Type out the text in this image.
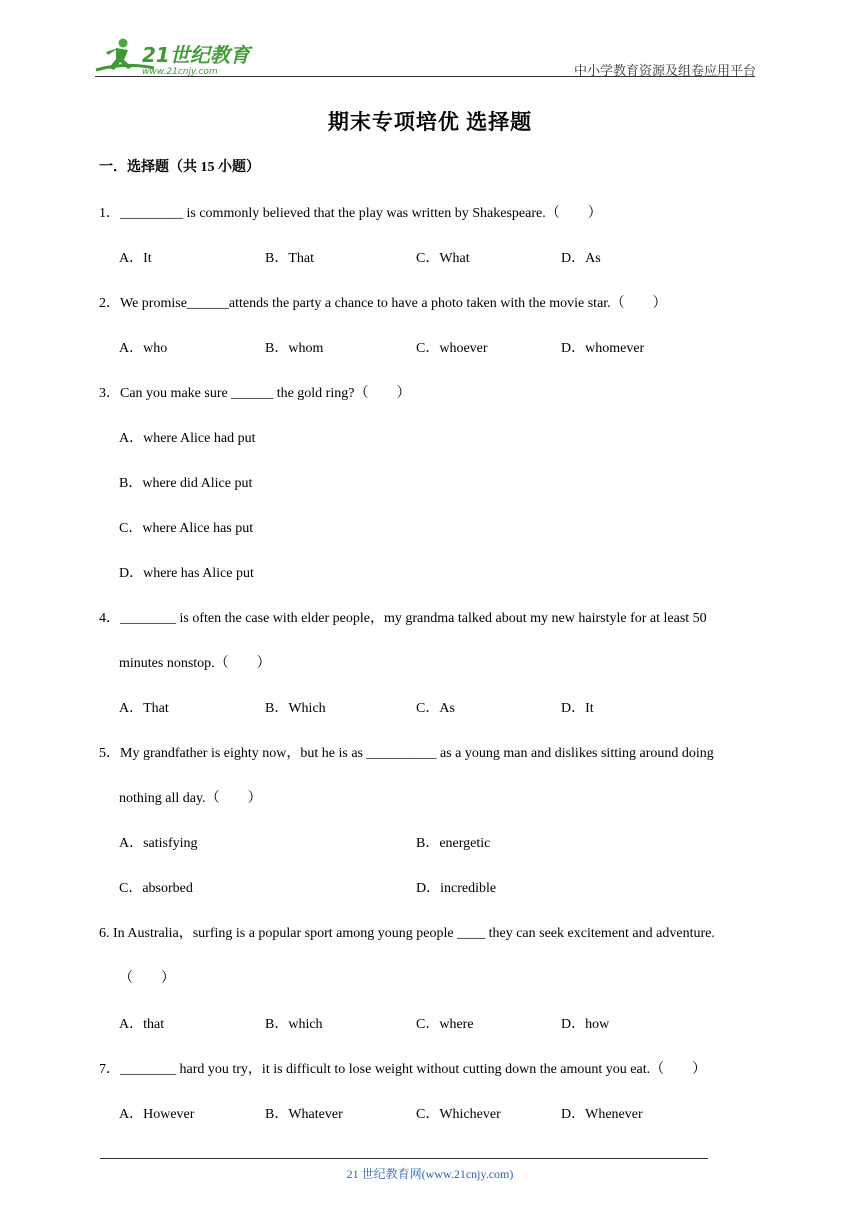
21世纪教育
www.21cnjy.com	中小学教育资源及组卷应用平台
期末专项培优 选择题
一．选择题（共 15 小题）
1．_________ is commonly believed that the play was written by Shakespeare.（　　）
A．It	B．That	C．What	D．As
2．We promise______attends the party a chance to have a photo taken with the movie star.（　　）
A．who	B．whom	C．whoever	D．whomever
3．Can you make sure ______ the gold ring?（　　）
A．where Alice had put
B．where did Alice put
C．where Alice has put
D．where has Alice put
4．________ is often the case with elder people，my grandma talked about my new hairstyle for at least 50
minutes nonstop.（　　）
A．That	B．Which	C．As	D．It
5．My grandfather is eighty now，but he is as __________ as a young man and dislikes sitting around doing
nothing all day.（　　）
A．satisfying	B．energetic
C．absorbed	D．incredible
6. In Australia，surfing is a popular sport among young people ____ they can seek excitement and adventure.
（　　）
A．that	B．which	C．where	D．how
7．________ hard you try，it is difficult to lose weight without cutting down the amount you eat.（　　）
A．However	B．Whatever	C．Whichever	D．Whenever
21 世纪教育网(www.21cnjy.com)
